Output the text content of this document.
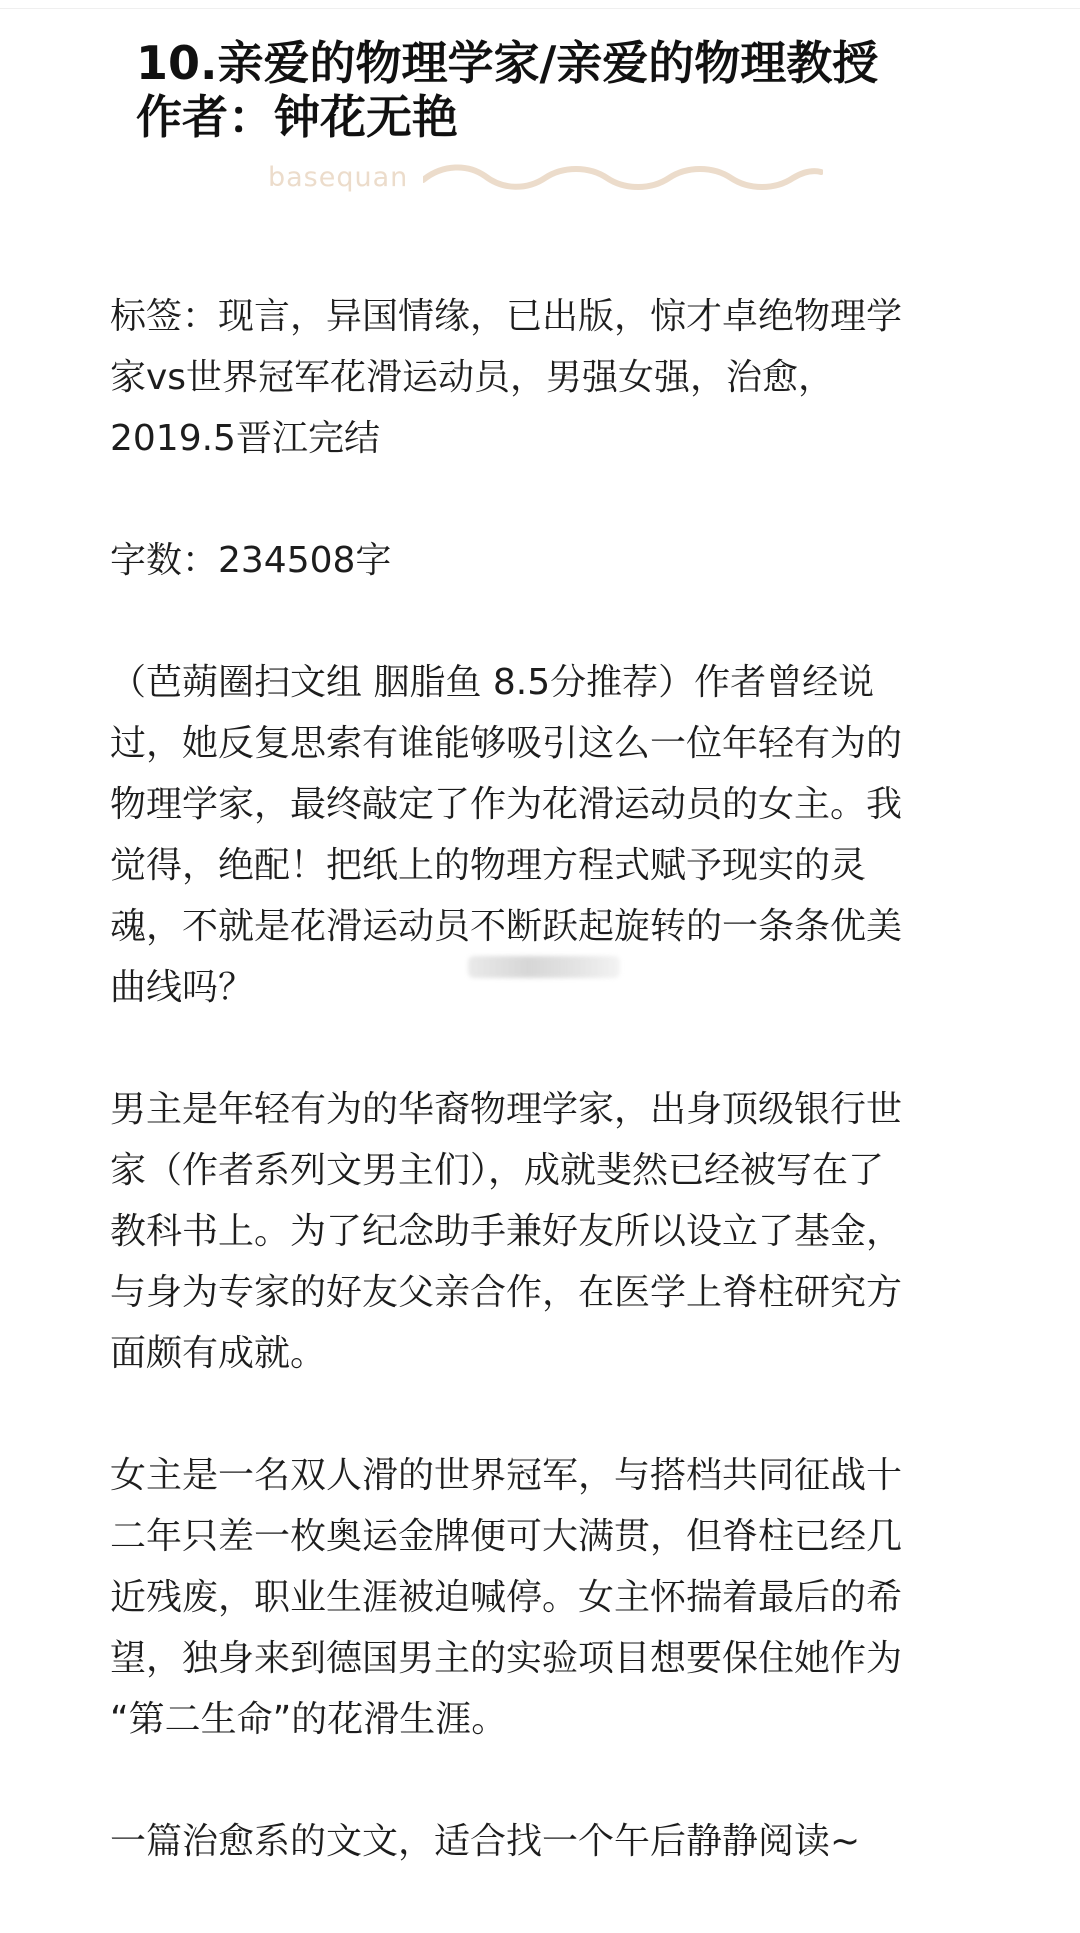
10.亲爱的物理学家/亲爱的物理教授
作者：钟花无艳
basequan
标签：现言，异国情缘，已出版，惊才卓绝物理学
家vs世界冠军花滑运动员，男强女强，治愈，
2019.5晋江完结
字数：234508字
（芭蒴圈扫文组 胭脂鱼 8.5分推荐）作者曾经说
过，她反复思索有谁能够吸引这么一位年轻有为的
物理学家，最终敲定了作为花滑运动员的女主。我
觉得，绝配！把纸上的物理方程式赋予现实的灵
魂，不就是花滑运动员不断跃起旋转的一条条优美
曲线吗？
男主是年轻有为的华裔物理学家，出身顶级银行世
家（作者系列文男主们），成就斐然已经被写在了
教科书上。为了纪念助手兼好友所以设立了基金，
与身为专家的好友父亲合作，在医学上脊柱研究方
面颇有成就。
女主是一名双人滑的世界冠军，与搭档共同征战十
二年只差一枚奥运金牌便可大满贯，但脊柱已经几
近残废，职业生涯被迫喊停。女主怀揣着最后的希
望，独身来到德国男主的实验项目想要保住她作为
“第二生命”的花滑生涯。
一篇治愈系的文文，适合找一个午后静静阅读~
